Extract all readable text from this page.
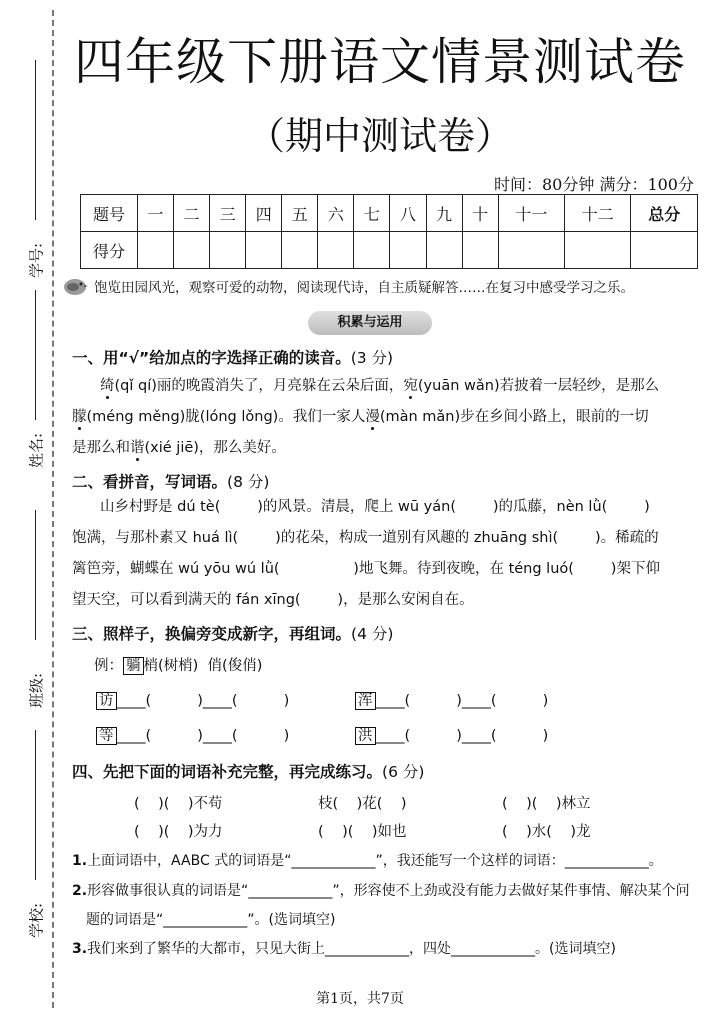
学号:
姓名:
班级:
学校:
四年级下册语文情景测试卷
（期中测试卷）
时间：80分钟 满分：100分
题号	一	二	三	四	五	六	七	八	九	十	十一	十二	总分
得分													
饱览田园风光，观察可爱的动物，阅读现代诗，自主质疑解答……在复习中感受学习之乐。
积累与运用
一、用“√”给加点的字选择正确的读音。(3 分)
绮(qǐ qí)丽的晚霞消失了，月亮躲在云朵后面，宛(yuān wǎn)若披着一层轻纱，是那么
朦(méng měng)胧(lóng lǒng)。我们一家人漫(màn mǎn)步在乡间小路上，眼前的一切
是那么和谐(xié jiē)，那么美好。
二、看拼音，写词语。(8 分)
山乡村野是 dú tè(        )的风景。清晨，爬上 wū yán(        )的瓜藤，nèn lǜ(        )
饱满，与那朴素又 huá lì(        )的花朵，构成一道别有风趣的 zhuāng shì(        )。稀疏的
篱笆旁，蝴蝶在 wú yōu wú lǜ(                )地飞舞。待到夜晚，在 téng luó(        )架下仰
望天空，可以看到满天的 fán xīng(        )，是那么安闲自在。
三、照样子，换偏旁变成新字，再组词。(4 分)
例： 躺 梢(树梢)  俏(俊俏)
访 ____(          )____(          )	浑 ____(          )____(          )
等 ____(          )____(          )	洪 ____(          )____(          )
四、先把下面的词语补充完整，再完成练习。(6 分)
(    )(    )不苟	枝(    )花(    )	(    )(    )林立
(    )(    )为力	(    )(    )如也	(    )水(    )龙
1.上面词语中，AABC 式的词语是“____________”，我还能写一个这样的词语：____________。
2.形容做事很认真的词语是“____________”，形容使不上劲或没有能力去做好某件事情、解决某个问
题的词语是“____________”。(选词填空)
3.我们来到了繁华的大都市，只见大街上____________，四处____________。(选词填空)
第1页，共7页
